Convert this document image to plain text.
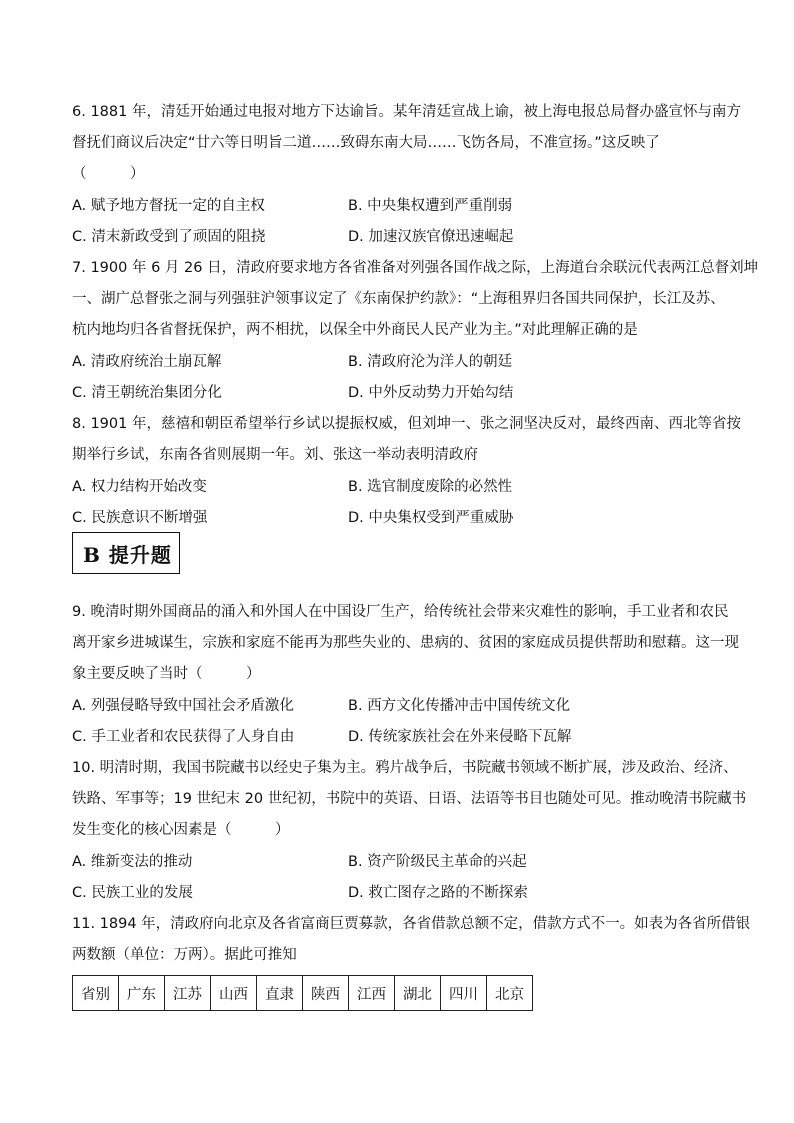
6. 1881 年，清廷开始通过电报对地方下达谕旨。某年清廷宣战上谕，被上海电报总局督办盛宣怀与南方
督抚们商议后决定“廿六等日明旨二道……致碍东南大局……飞饬各局，不准宣扬。”这反映了
（　　　）
A. 赋予地方督抚一定的自主权	B. 中央集权遭到严重削弱
C. 清末新政受到了顽固的阻挠	D. 加速汉族官僚迅速崛起
7. 1900 年 6 月 26 日，清政府要求地方各省准备对列强各国作战之际，上海道台余联沅代表两江总督刘坤
一、湖广总督张之洞与列强驻沪领事议定了《东南保护约款》：“上海租界归各国共同保护，长江及苏、
杭内地均归各省督抚保护，两不相扰，以保全中外商民人民产业为主。”对此理解正确的是
A. 清政府统治土崩瓦解	B. 清政府沦为洋人的朝廷
C. 清王朝统治集团分化	D. 中外反动势力开始勾结
8. 1901 年，慈禧和朝臣希望举行乡试以提振权威，但刘坤一、张之洞坚决反对，最终西南、西北等省按
期举行乡试，东南各省则展期一年。刘、张这一举动表明清政府
A. 权力结构开始改变	B. 选官制度废除的必然性
C. 民族意识不断增强	D. 中央集权受到严重威胁
B 提升题
9. 晚清时期外国商品的涌入和外国人在中国设厂生产，给传统社会带来灾难性的影响，手工业者和农民
离开家乡进城谋生，宗族和家庭不能再为那些失业的、患病的、贫困的家庭成员提供帮助和慰藉。这一现
象主要反映了当时（　　　）
A. 列强侵略导致中国社会矛盾激化	B. 西方文化传播冲击中国传统文化
C. 手工业者和农民获得了人身自由	D. 传统家族社会在外来侵略下瓦解
10. 明清时期，我国书院藏书以经史子集为主。鸦片战争后，书院藏书领域不断扩展，涉及政治、经济、
铁路、军事等；19 世纪末 20 世纪初，书院中的英语、日语、法语等书目也随处可见。推动晚清书院藏书
发生变化的核心因素是（　　　）
A. 维新变法的推动	B. 资产阶级民主革命的兴起
C. 民族工业的发展	D. 救亡图存之路的不断探索
11. 1894 年，清政府向北京及各省富商巨贾募款，各省借款总额不定，借款方式不一。如表为各省所借银
两数额（单位：万两）。据此可推知
省别	广东	江苏	山西	直隶	陕西	江西	湖北	四川	北京
